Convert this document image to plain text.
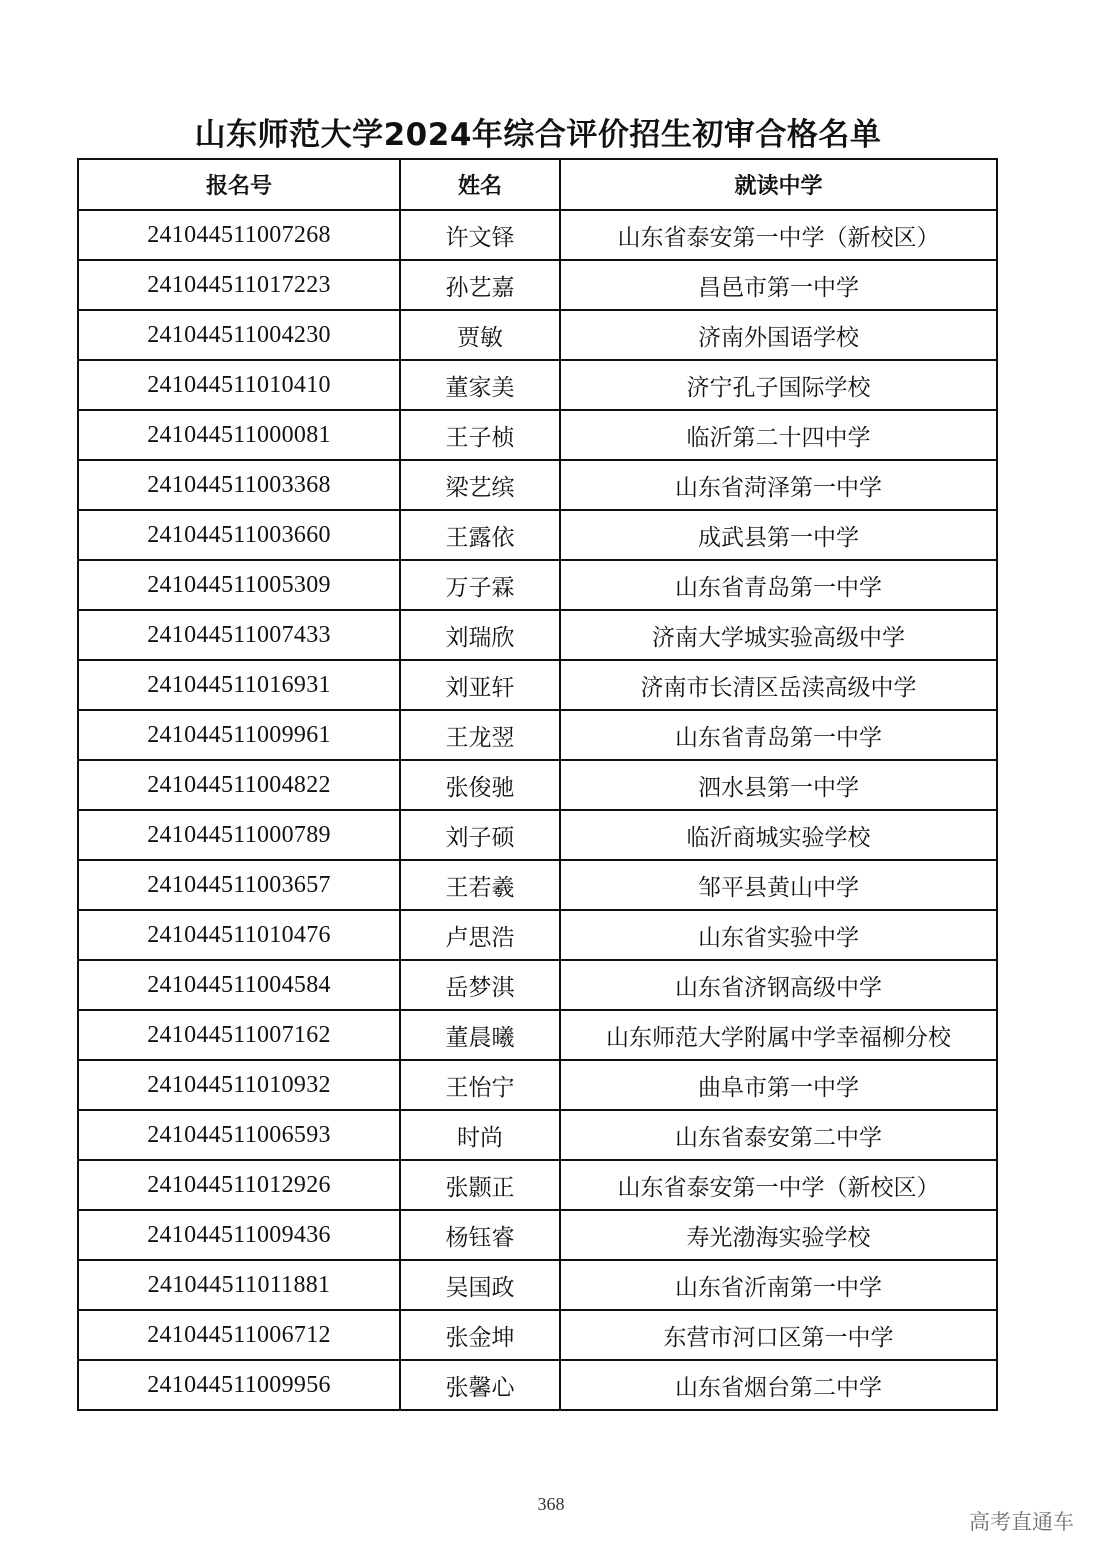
山东师范大学2024年综合评价招生初审合格名单
报名号	姓名	就读中学
241044511007268	许文铎	山东省泰安第一中学（新校区）
241044511017223	孙艺嘉	昌邑市第一中学
241044511004230	贾敏	济南外国语学校
241044511010410	董家美	济宁孔子国际学校
241044511000081	王子桢	临沂第二十四中学
241044511003368	梁艺缤	山东省菏泽第一中学
241044511003660	王露依	成武县第一中学
241044511005309	万子霖	山东省青岛第一中学
241044511007433	刘瑞欣	济南大学城实验高级中学
241044511016931	刘亚轩	济南市长清区岳渎高级中学
241044511009961	王龙翌	山东省青岛第一中学
241044511004822	张俊驰	泗水县第一中学
241044511000789	刘子硕	临沂商城实验学校
241044511003657	王若羲	邹平县黄山中学
241044511010476	卢思浩	山东省实验中学
241044511004584	岳梦淇	山东省济钢高级中学
241044511007162	董晨曦	山东师范大学附属中学幸福柳分校
241044511010932	王怡宁	曲阜市第一中学
241044511006593	时尚	山东省泰安第二中学
241044511012926	张颢正	山东省泰安第一中学（新校区）
241044511009436	杨钰睿	寿光渤海实验学校
241044511011881	吴国政	山东省沂南第一中学
241044511006712	张金坤	东营市河口区第一中学
241044511009956	张馨心	山东省烟台第二中学
368
高考直通车
